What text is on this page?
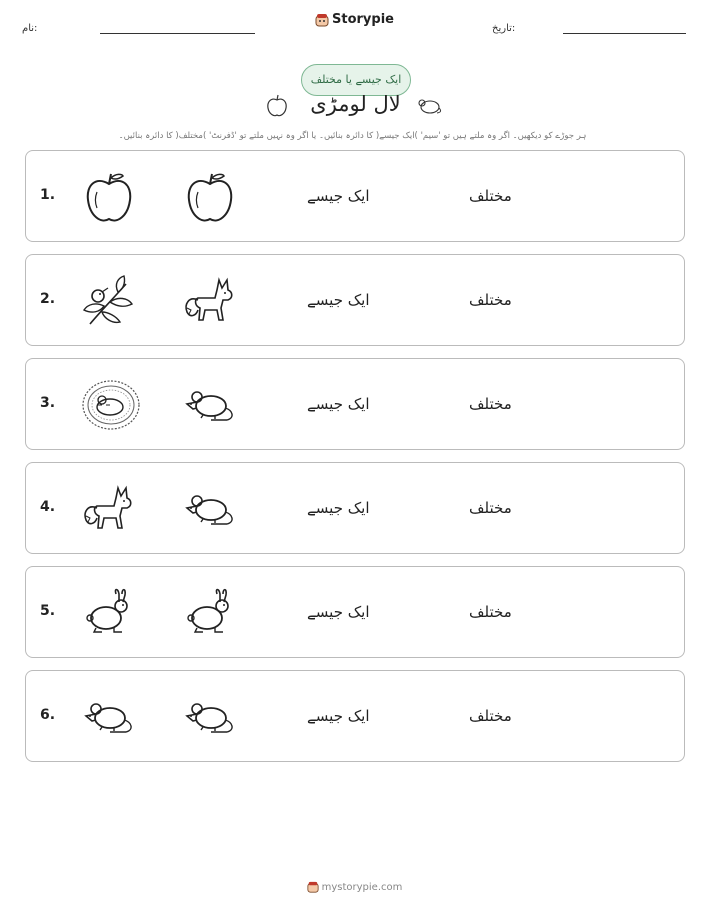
نام:
Storypie
تاریخ:
ایک جیسے یا مختلف
لال لومڑی
ہر جوڑے کو دیکھیں۔ اگر وہ ملتے ہیں تو 'سیم' )ایک جیسے( کا دائرہ بنائیں۔ یا اگر وہ نہیں ملتے تو 'ڈفرنٹ' )مختلف( کا دائرہ بنائیں۔
1.	ایک جیسے	مختلف
2.	ایک جیسے	مختلف
3.	ایک جیسے	مختلف
4.	ایک جیسے	مختلف
5.	ایک جیسے	مختلف
6.	ایک جیسے	مختلف
mystorypie.com
